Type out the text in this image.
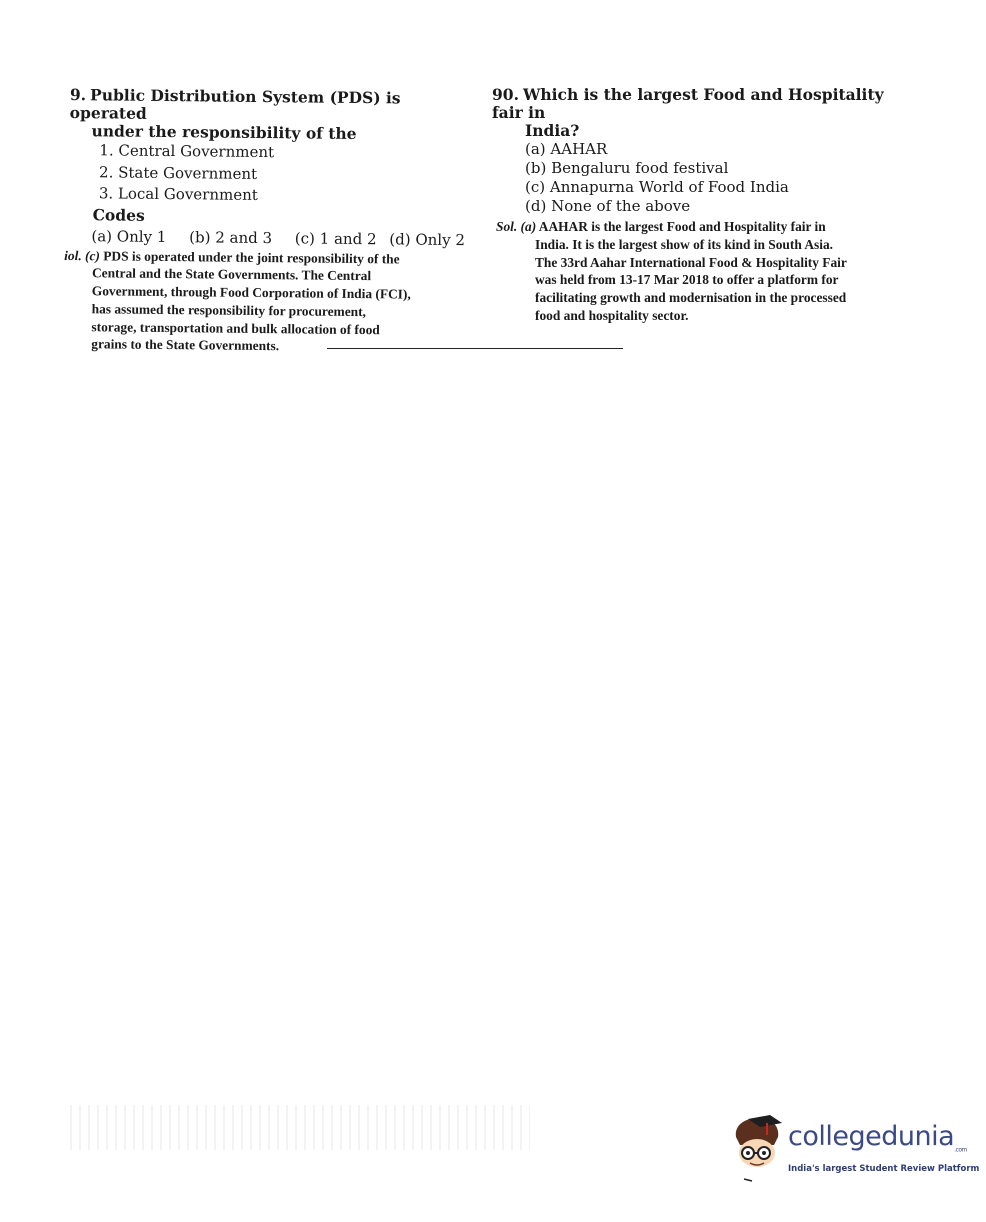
9. Public Distribution System (PDS) is operated

under the responsibility of the

1. Central Government

2. State Government

3. Local Government

Codes

(a) Only 1 (b) 2 and 3 (c) 1 and 2 (d) Only 2

iol. (c) PDS is operated under the joint responsibility of the
Central and the State Governments. The Central
Government, through Food Corporation of India (FCI),
has assumed the responsibility for procurement,
storage, transportation and bulk allocation of food
grains to the State Governments.

90. Which is the largest Food and Hospitality fair in

India?

(a) AAHAR

(b) Bengaluru food festival

(c) Annapurna World of Food India

(d) None of the above

Sol. (a) AAHAR is the largest Food and Hospitality fair in
India. It is the largest show of its kind in South Asia.
The 33rd Aahar International Food & Hospitality Fair
was held from 13-17 Mar 2018 to offer a platform for
facilitating growth and modernisation in the processed
food and hospitality sector.
collegedunia$_{.com}$
India's largest Student Review Platform
